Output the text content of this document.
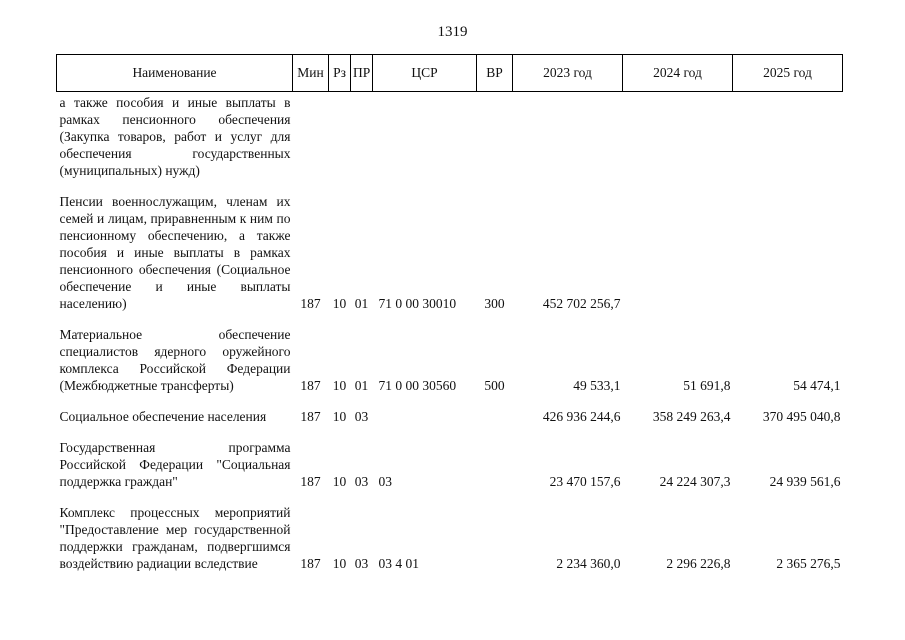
1319
Наименование	Мин	Рз	ПР	ЦСР	ВР	2023 год	2024 год	2025 год
а также пособия и иные выплаты в рамках пенсионного обеспечения (Закупка товаров, работ и услуг для обеспечения государственных (муниципальных) нужд)								
Пенсии военнослужащим, членам их семей и лицам, приравненным к ним по пенсионному обеспечению, а также пособия и иные выплаты в рамках пенсионного обеспечения (Социальное обеспечение и иные выплаты населению)	187	10	01	71 0 00 30010	300	452 702 256,7		
Материальное обеспечение специалистов ядерного оружейного комплекса Российской Федерации (Межбюджетные трансферты)	187	10	01	71 0 00 30560	500	49 533,1	51 691,8	54 474,1
Социальное обеспечение населения	187	10	03			426 936 244,6	358 249 263,4	370 495 040,8
Государственная программа Российской Федерации "Социальная поддержка граждан"	187	10	03	03		23 470 157,6	24 224 307,3	24 939 561,6
Комплекс процессных мероприятий "Предоставление мер государственной поддержки гражданам, подвергшимся воздействию радиации вследствие	187	10	03	03 4 01		2 234 360,0	2 296 226,8	2 365 276,5
